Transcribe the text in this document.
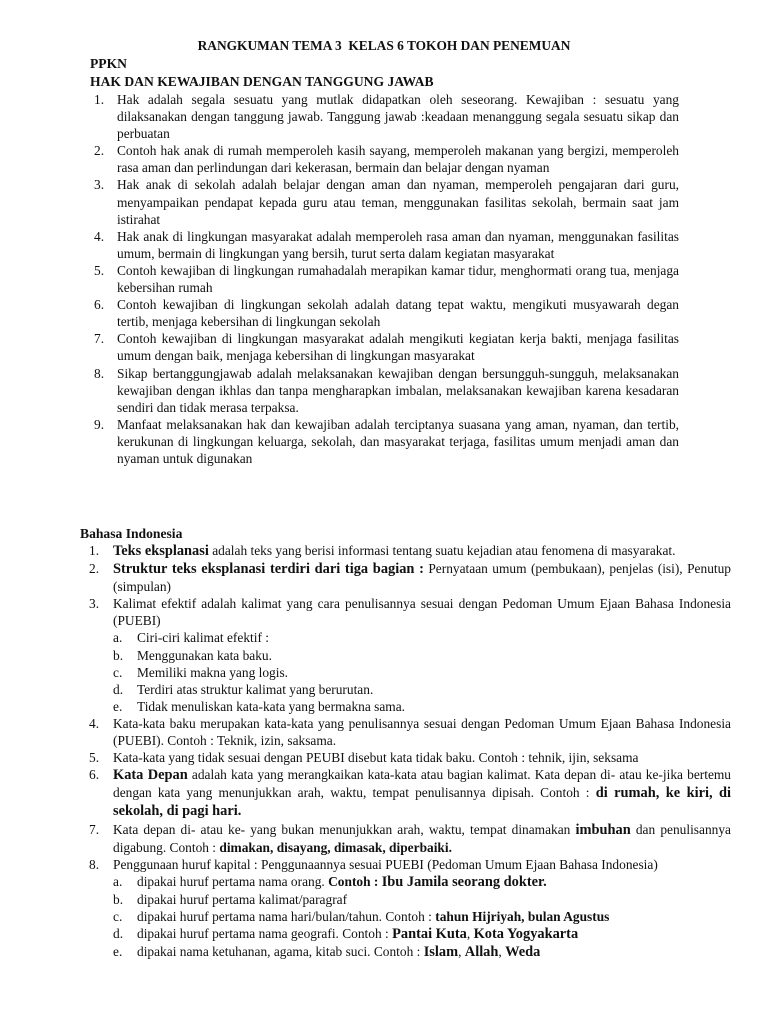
RANGKUMAN TEMA 3  KELAS 6 TOKOH DAN PENEMUAN
PPKN
HAK DAN KEWAJIBAN DENGAN TANGGUNG JAWAB
1. Hak adalah segala sesuatu yang mutlak didapatkan oleh seseorang. Kewajiban : sesuatu yang dilaksanakan dengan tanggung jawab. Tanggung jawab :keadaan menanggung segala sesuatu sikap dan perbuatan
2. Contoh hak anak di rumah memperoleh kasih sayang, memperoleh makanan yang bergizi, memperoleh rasa aman dan perlindungan dari kekerasan, bermain dan belajar dengan nyaman
3. Hak anak di sekolah adalah belajar dengan aman dan nyaman, memperoleh pengajaran dari guru, menyampaikan pendapat kepada guru atau teman, menggunakan fasilitas sekolah, bermain saat jam istirahat
4. Hak anak di lingkungan masyarakat adalah memperoleh rasa aman dan nyaman, menggunakan fasilitas umum, bermain di lingkungan yang bersih, turut serta dalam kegiatan masyarakat
5. Contoh kewajiban di lingkungan rumahadalah merapikan kamar tidur, menghormati orang tua, menjaga kebersihan rumah
6. Contoh kewajiban di lingkungan sekolah adalah datang tepat waktu, mengikuti musyawarah degan tertib, menjaga kebersihan di lingkungan sekolah
7. Contoh kewajiban di lingkungan masyarakat adalah mengikuti kegiatan kerja bakti, menjaga fasilitas umum dengan baik, menjaga kebersihan di lingkungan masyarakat
8. Sikap bertanggungjawab adalah melaksanakan kewajiban dengan bersungguh-sungguh, melaksanakan kewajiban dengan ikhlas dan tanpa mengharapkan imbalan, melaksanakan kewajiban karena kesadaran sendiri dan tidak merasa terpaksa.
9. Manfaat melaksanakan hak dan kewajiban adalah terciptanya suasana yang aman, nyaman, dan tertib, kerukunan di lingkungan keluarga, sekolah, dan masyarakat terjaga, fasilitas umum menjadi aman dan nyaman untuk digunakan
Bahasa Indonesia
1. Teks eksplanasi adalah teks yang berisi informasi tentang suatu kejadian atau fenomena di masyarakat.
2. Struktur teks eksplanasi terdiri dari tiga bagian : Pernyataan umum (pembukaan), penjelas (isi), Penutup (simpulan)
3. Kalimat efektif adalah kalimat yang cara penulisannya sesuai dengan Pedoman Umum Ejaan Bahasa Indonesia (PUEBI)
a. Ciri-ciri kalimat efektif :
b. Menggunakan kata baku.
c. Memiliki makna yang logis.
d. Terdiri atas struktur kalimat yang berurutan.
e. Tidak menuliskan kata-kata yang bermakna sama.
4. Kata-kata baku merupakan kata-kata yang penulisannya sesuai dengan Pedoman Umum Ejaan Bahasa Indonesia (PUEBI). Contoh : Teknik, izin, saksama.
5. Kata-kata yang tidak sesuai dengan PEUBI disebut kata tidak baku. Contoh : tehnik, ijin, seksama
6. Kata Depan adalah kata yang merangkaikan kata-kata atau bagian kalimat. Kata depan di- atau ke-jika bertemu dengan kata yang menunjukkan arah, waktu, tempat penulisannya dipisah. Contoh : di rumah, ke kiri, di sekolah, di pagi hari.
7. Kata depan di- atau ke- yang bukan menunjukkan arah, waktu, tempat dinamakan imbuhan dan penulisannya digabung. Contoh : dimakan, disayang, dimasak, diperbaiki.
8. Penggunaan huruf kapital : Penggunaannya sesuai PUEBI (Pedoman Umum Ejaan Bahasa Indonesia)
a. dipakai huruf pertama nama orang. Contoh : Ibu Jamila seorang dokter.
b. dipakai huruf pertama kalimat/paragraf
c. dipakai huruf pertama nama hari/bulan/tahun. Contoh : tahun Hijriyah, bulan Agustus
d. dipakai huruf pertama nama geografi. Contoh : Pantai Kuta, Kota Yogyakarta
e. dipakai nama ketuhanan, agama, kitab suci. Contoh : Islam, Allah, Weda
